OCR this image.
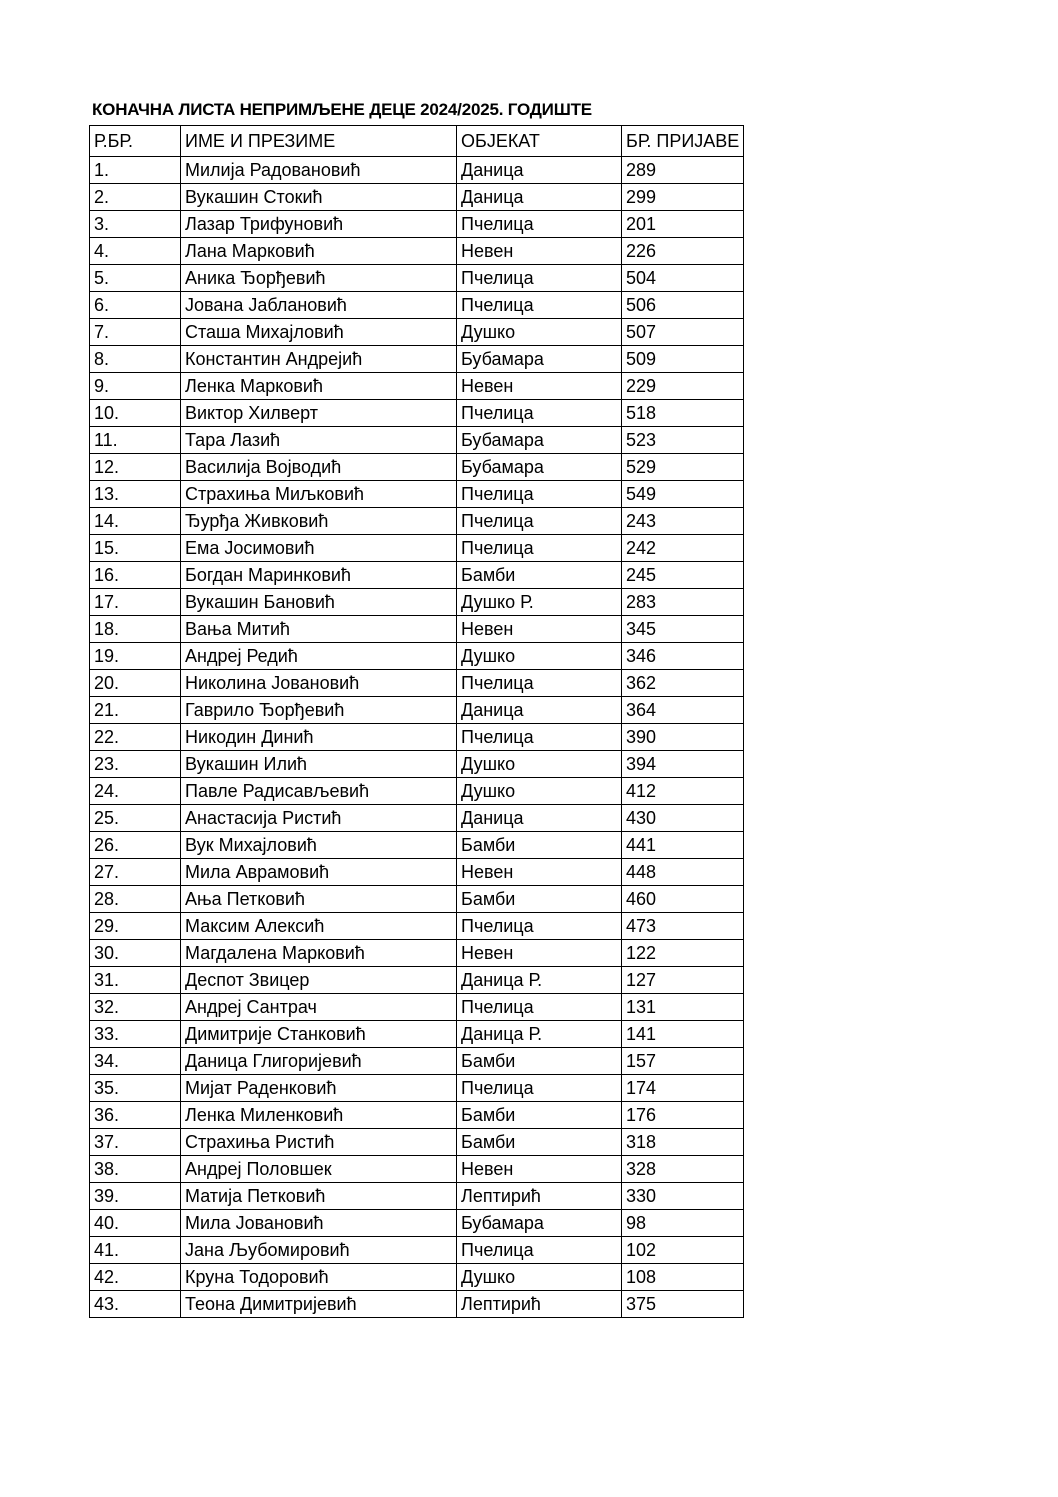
КОНАЧНА ЛИСТА НЕПРИМЉЕНЕ ДЕЦЕ 2024/2025. ГОДИШТЕ
Р.БР.	ИМЕ И ПРЕЗИМЕ	ОБЈЕКАТ	БР. ПРИЈАВЕ
1.	Милија Радовановић	Даница	289
2.	Вукашин Стокић	Даница	299
3.	Лазар Трифуновић	Пчелица	201
4.	Лана Марковић	Невен	226
5.	Аника Ђорђевић	Пчелица	504
6.	Јована Јаблановић	Пчелица	506
7.	Сташа Михајловић	Душко	507
8.	Константин Андрејић	Бубамара	509
9.	Ленка Марковић	Невен	229
10.	Виктор Хилверт	Пчелица	518
11.	Тара Лазић	Бубамара	523
12.	Василија Војводић	Бубамара	529
13.	Страхиња Миљковић	Пчелица	549
14.	Ђурђа Живковић	Пчелица	243
15.	Ема Јосимовић	Пчелица	242
16.	Богдан Маринковић	Бамби	245
17.	Вукашин Бановић	Душко Р.	283
18.	Вања Митић	Невен	345
19.	Андреј Редић	Душко	346
20.	Николина Јовановић	Пчелица	362
21.	Гаврило Ђорђевић	Даница	364
22.	Никодин Динић	Пчелица	390
23.	Вукашин Илић	Душко	394
24.	Павле Радисављевић	Душко	412
25.	Анастасија Ристић	Даница	430
26.	Вук Михајловић	Бамби	441
27.	Мила Аврамовић	Невен	448
28.	Ања Петковић	Бамби	460
29.	Максим Алексић	Пчелица	473
30.	Магдалена Марковић	Невен	122
31.	Деспот Звицер	Даница Р.	127
32.	Андреј Сантрач	Пчелица	131
33.	Димитрије Станковић	Даница Р.	141
34.	Даница Глигоријевић	Бамби	157
35.	Мијат Раденковић	Пчелица	174
36.	Ленка Миленковић	Бамби	176
37.	Страхиња Ристић	Бамби	318
38.	Андреј Половшек	Невен	328
39.	Матија Петковић	Лептирић	330
40.	Мила Јовановић	Бубамара	98
41.	Јана Љубомировић	Пчелица	102
42.	Круна Тодоровић	Душко	108
43.	Теона Димитријевић	Лептирић	375
